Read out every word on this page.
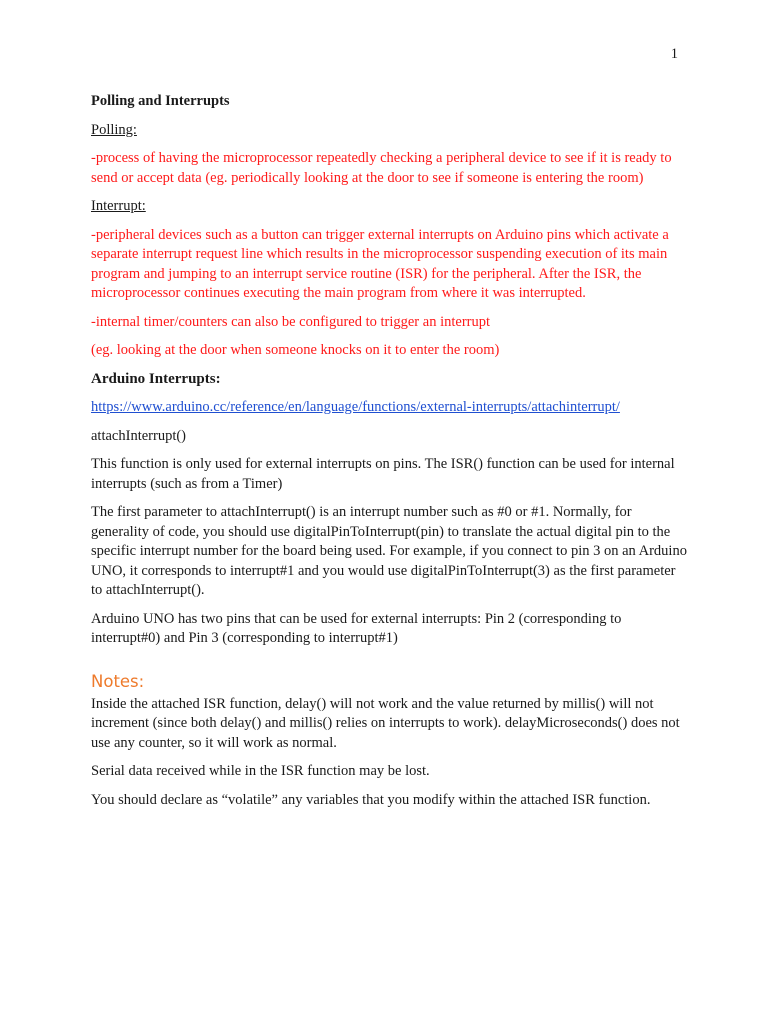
1

Polling and Interrupts

Polling:

-process of having the microprocessor repeatedly checking a peripheral device to see if it is ready to send or accept data (eg. periodically looking at the door to see if someone is entering the room)

Interrupt:

-peripheral devices such as a button can trigger external interrupts on Arduino pins which activate a separate interrupt request line which results in the microprocessor suspending execution of its main program and jumping to an interrupt service routine (ISR) for the peripheral. After the ISR, the microprocessor continues executing the main program from where it was interrupted.

-internal timer/counters can also be configured to trigger an interrupt

(eg. looking at the door when someone knocks on it to enter the room)

Arduino Interrupts:

https://www.arduino.cc/reference/en/language/functions/external-interrupts/attachinterrupt/

attachInterrupt()

This function is only used for external interrupts on pins. The ISR() function can be used for internal interrupts (such as from a Timer)

The first parameter to attachInterrupt() is an interrupt number such as #0 or #1. Normally, for generality of code, you should use digitalPinToInterrupt(pin) to translate the actual digital pin to the specific interrupt number for the board being used. For example, if you connect to pin 3 on an Arduino UNO, it corresponds to interrupt#1 and you would use digitalPinToInterrupt(3) as the first parameter to attachInterrupt().

Arduino UNO has two pins that can be used for external interrupts: Pin 2 (corresponding to interrupt#0) and Pin 3 (corresponding to interrupt#1)

Notes:

Inside the attached ISR function, delay() will not work and the value returned by millis() will not increment (since both delay() and millis() relies on interrupts to work). delayMicroseconds() does not use any counter, so it will work as normal.

Serial data received while in the ISR function may be lost.

You should declare as “volatile” any variables that you modify within the attached ISR function.
